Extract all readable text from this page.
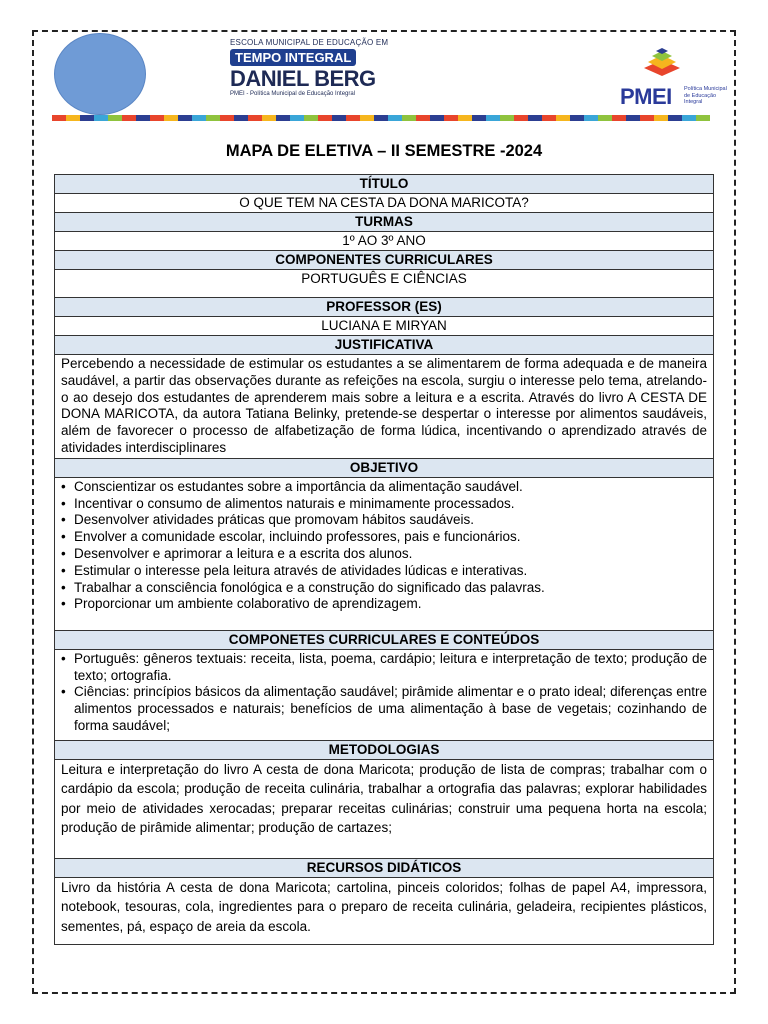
ESCOLA MUNICIPAL DE EDUCAÇÃO EM
TEMPO INTEGRAL
DANIEL BERG
PMEI - Política Municipal de Educação Integral	PMEI Política Municipal de Educação Integral
MAPA DE ELETIVA – II SEMESTRE -2024
TÍTULO
O QUE TEM NA CESTA DA DONA MARICOTA?
TURMAS
1º AO 3º ANO
COMPONENTES CURRICULARES
PORTUGUÊS E CIÊNCIAS
PROFESSOR (ES)
LUCIANA E MIRYAN
JUSTIFICATIVA
Percebendo a necessidade de estimular os estudantes a se alimentarem de forma adequada e de maneira saudável, a partir das observações durante as refeições na escola, surgiu o interesse pelo tema, atrelando-o ao desejo dos estudantes de aprenderem mais sobre a leitura e a escrita. Através do livro A CESTA DE DONA MARICOTA, da autora Tatiana Belinky, pretende-se despertar o interesse por alimentos saudáveis, além de favorecer o processo de alfabetização de forma lúdica, incentivando o aprendizado através de atividades interdisciplinares
OBJETIVO

• Conscientizar os estudantes sobre a importância da alimentação saudável.
• Incentivar o consumo de alimentos naturais e minimamente processados.
• Desenvolver atividades práticas que promovam hábitos saudáveis.
• Envolver a comunidade escolar, incluindo professores, pais e funcionários.
• Desenvolver e aprimorar a leitura e a escrita dos alunos.
• Estimular o interesse pela leitura através de atividades lúdicas e interativas.
• Trabalhar a consciência fonológica e a construção do significado das palavras.
• Proporcionar um ambiente colaborativo de aprendizagem.

COMPONETES CURRICULARES E CONTEÚDOS

• Português: gêneros textuais: receita, lista, poema, cardápio; leitura e interpretação de texto; produção de texto; ortografia.
• Ciências: princípios básicos da alimentação saudável; pirâmide alimentar e o prato ideal; diferenças entre alimentos processados e naturais; benefícios de uma alimentação à base de vegetais; cozinhando de forma saudável;

METODOLOGIAS
Leitura e interpretação do livro A cesta de dona Maricota; produção de lista de compras; trabalhar com o cardápio da escola; produção de receita culinária, trabalhar a ortografia das palavras; explorar habilidades por meio de atividades xerocadas; preparar receitas culinárias; construir uma pequena horta na escola; produção de pirâmide alimentar; produção de cartazes;
RECURSOS DIDÁTICOS
Livro da história A cesta de dona Maricota; cartolina, pinceis coloridos; folhas de papel A4, impressora, notebook, tesouras, cola, ingredientes para o preparo de receita culinária, geladeira, recipientes plásticos, sementes, pá, espaço de areia da escola.
